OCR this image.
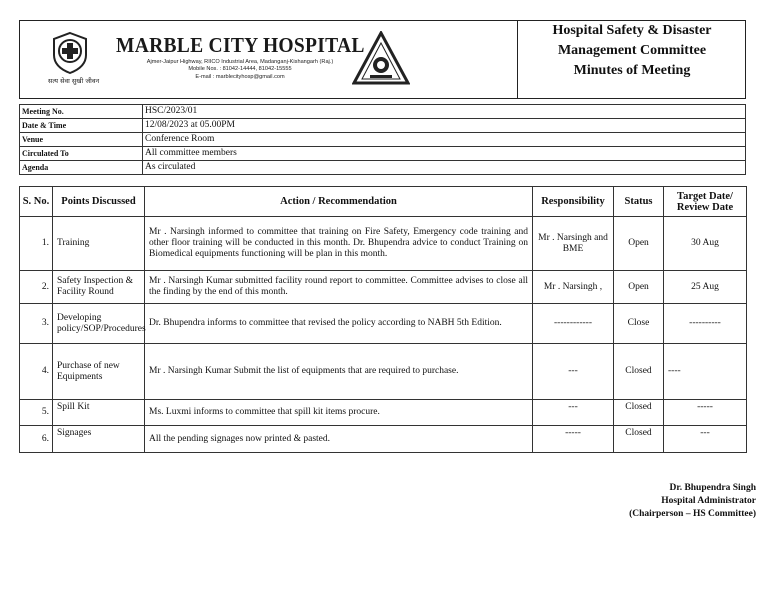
सत्य सेवा सुखी जीवन
MARBLE CITY HOSPITAL
Ajmer-Jaipur Highway, RIICO Industrial Area, Madanganj-Kishangarh (Raj.)
Mobile Nos. : 81042-14444, 81042-15555
E-mail : marblecityhosp@gmail.com
Hospital Safety & Disaster
Management Committee
Minutes of Meeting
Meeting No.	HSC/2023/01
Date & Time	12/08/2023 at 05.00PM
Venue	Conference Room
Circulated To	All committee members
Agenda	As circulated
S. No.	Points Discussed	Action / Recommendation	Responsibility	Status	Target Date/ Review Date
1.	Training	Mr . Narsingh informed to committee that training on Fire Safety, Emergency code training and other floor training will be conducted in this month. Dr. Bhupendra advice to conduct Training on Biomedical equipments functioning will be plan in this month.	Mr . Narsingh and BME	Open	30 Aug
2.	Safety Inspection & Facility Round	Mr . Narsingh Kumar submitted facility round report to committee. Committee advises to close all the finding by the end of this month.	Mr . Narsingh ,	Open	25 Aug
3.	Developing policy/SOP/Procedures	Dr. Bhupendra informs to committee that revised the policy according to NABH 5th Edition.	------------	Close	----------
4.	Purchase of new Equipments	Mr . Narsingh Kumar Submit the list of equipments that are required to purchase.	---	Closed	----
5.	Spill Kit	Ms. Luxmi informs to committee that spill kit items procure.	---	Closed	-----
6.	Signages	All the pending signages now printed & pasted.	-----	Closed	---
Dr. Bhupendra Singh
Hospital Administrator
(Chairperson – HS Committee)
